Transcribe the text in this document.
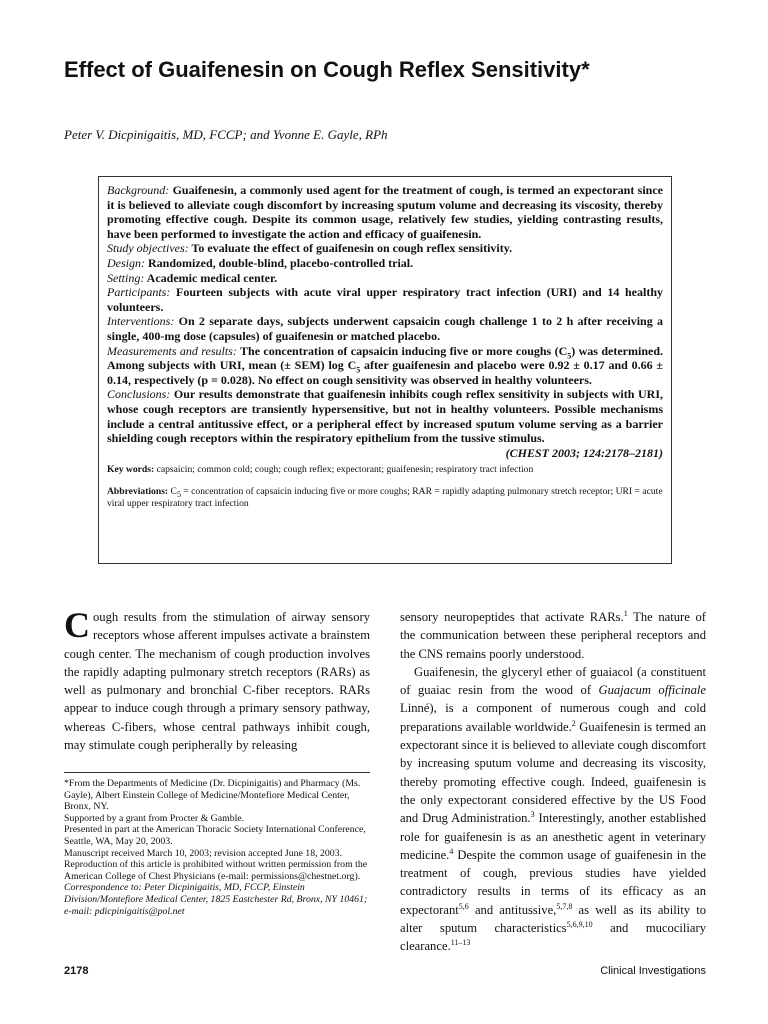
Effect of Guaifenesin on Cough Reflex Sensitivity*

Peter V. Dicpinigaitis, MD, FCCP; and Yvonne E. Gayle, RPh

Background: Guaifenesin, a commonly used agent for the treatment of cough, is termed an expectorant since it is believed to alleviate cough discomfort by increasing sputum volume and decreasing its viscosity, thereby promoting effective cough. Despite its common usage, relatively few studies, yielding contrasting results, have been performed to investigate the action and efficacy of guaifenesin.
Study objectives: To evaluate the effect of guaifenesin on cough reflex sensitivity.
Design: Randomized, double-blind, placebo-controlled trial.
Setting: Academic medical center.
Participants: Fourteen subjects with acute viral upper respiratory tract infection (URI) and 14 healthy volunteers.
Interventions: On 2 separate days, subjects underwent capsaicin cough challenge 1 to 2 h after receiving a single, 400-mg dose (capsules) of guaifenesin or matched placebo.
Measurements and results: The concentration of capsaicin inducing five or more coughs $(C_5)$ was determined. Among subjects with URI, mean (± SEM) $\log C_5$ after guaifenesin and placebo were 0.92 ± 0.17 and 0.66 ± 0.14, respectively (p = 0.028). No effect on cough sensitivity was observed in healthy volunteers.
Conclusions: Our results demonstrate that guaifenesin inhibits cough reflex sensitivity in subjects with URI, whose cough receptors are transiently hypersensitive, but not in healthy volunteers. Possible mechanisms include a central antitussive effect, or a peripheral effect by increased sputum volume serving as a barrier shielding cough receptors within the respiratory epithelium from the tussive stimulus.
(CHEST 2003; 124:2178–2181)
Key words: capsaicin; common cold; cough; cough reflex; expectorant; guaifenesin; respiratory tract infection
Abbreviations: $C_5$ = concentration of capsaicin inducing five or more coughs; RAR = rapidly adapting pulmonary stretch receptor; URI = acute viral upper respiratory tract infection

Cough results from the stimulation of airway sensory receptors whose afferent impulses activate a brainstem cough center. The mechanism of cough production involves the rapidly adapting pulmonary stretch receptors (RARs) as well as pulmonary and bronchial C-fiber receptors. RARs appear to induce cough through a primary sensory pathway, whereas C-fibers, whose central pathways inhibit cough, may stimulate cough peripherally by releasing

*From the Departments of Medicine (Dr. Dicpinigaitis) and Pharmacy (Ms. Gayle), Albert Einstein College of Medicine/Montefiore Medical Center, Bronx, NY.

Supported by a grant from Procter & Gamble.

Presented in part at the American Thoracic Society International Conference, Seattle, WA, May 20, 2003.

Manuscript received March 10, 2003; revision accepted June 18, 2003.

Reproduction of this article is prohibited without written permission from the American College of Chest Physicians (e-mail: permissions@chestnet.org).

Correspondence to: Peter Dicpinigaitis, MD, FCCP, Einstein Division/Montefiore Medical Center, 1825 Eastchester Rd, Bronx, NY 10461; e-mail: pdicpinigaitis@pol.net

sensory neuropeptides that activate RARs.$^1$ The nature of the communication between these peripheral receptors and the CNS remains poorly understood.

Guaifenesin, the glyceryl ether of guaiacol (a constituent of guaiac resin from the wood of Guajacum officinale Linné), is a component of numerous cough and cold preparations available worldwide.$^2$ Guaifenesin is termed an expectorant since it is believed to alleviate cough discomfort by increasing sputum volume and decreasing its viscosity, thereby promoting effective cough. Indeed, guaifenesin is the only expectorant considered effective by the US Food and Drug Administration.$^3$ Interestingly, another established role for guaifenesin is as an anesthetic agent in veterinary medicine.$^4$ Despite the common usage of guaifenesin in the treatment of cough, previous studies have yielded contradictory results in terms of its efficacy as an expectorant$^{5,6}$ and antitussive,$^{5,7,8}$ as well as its ability to alter sputum characteristics$^{5,6,9,10}$ and mucociliary clearance.$^{11-13}$

2178	Clinical Investigations
